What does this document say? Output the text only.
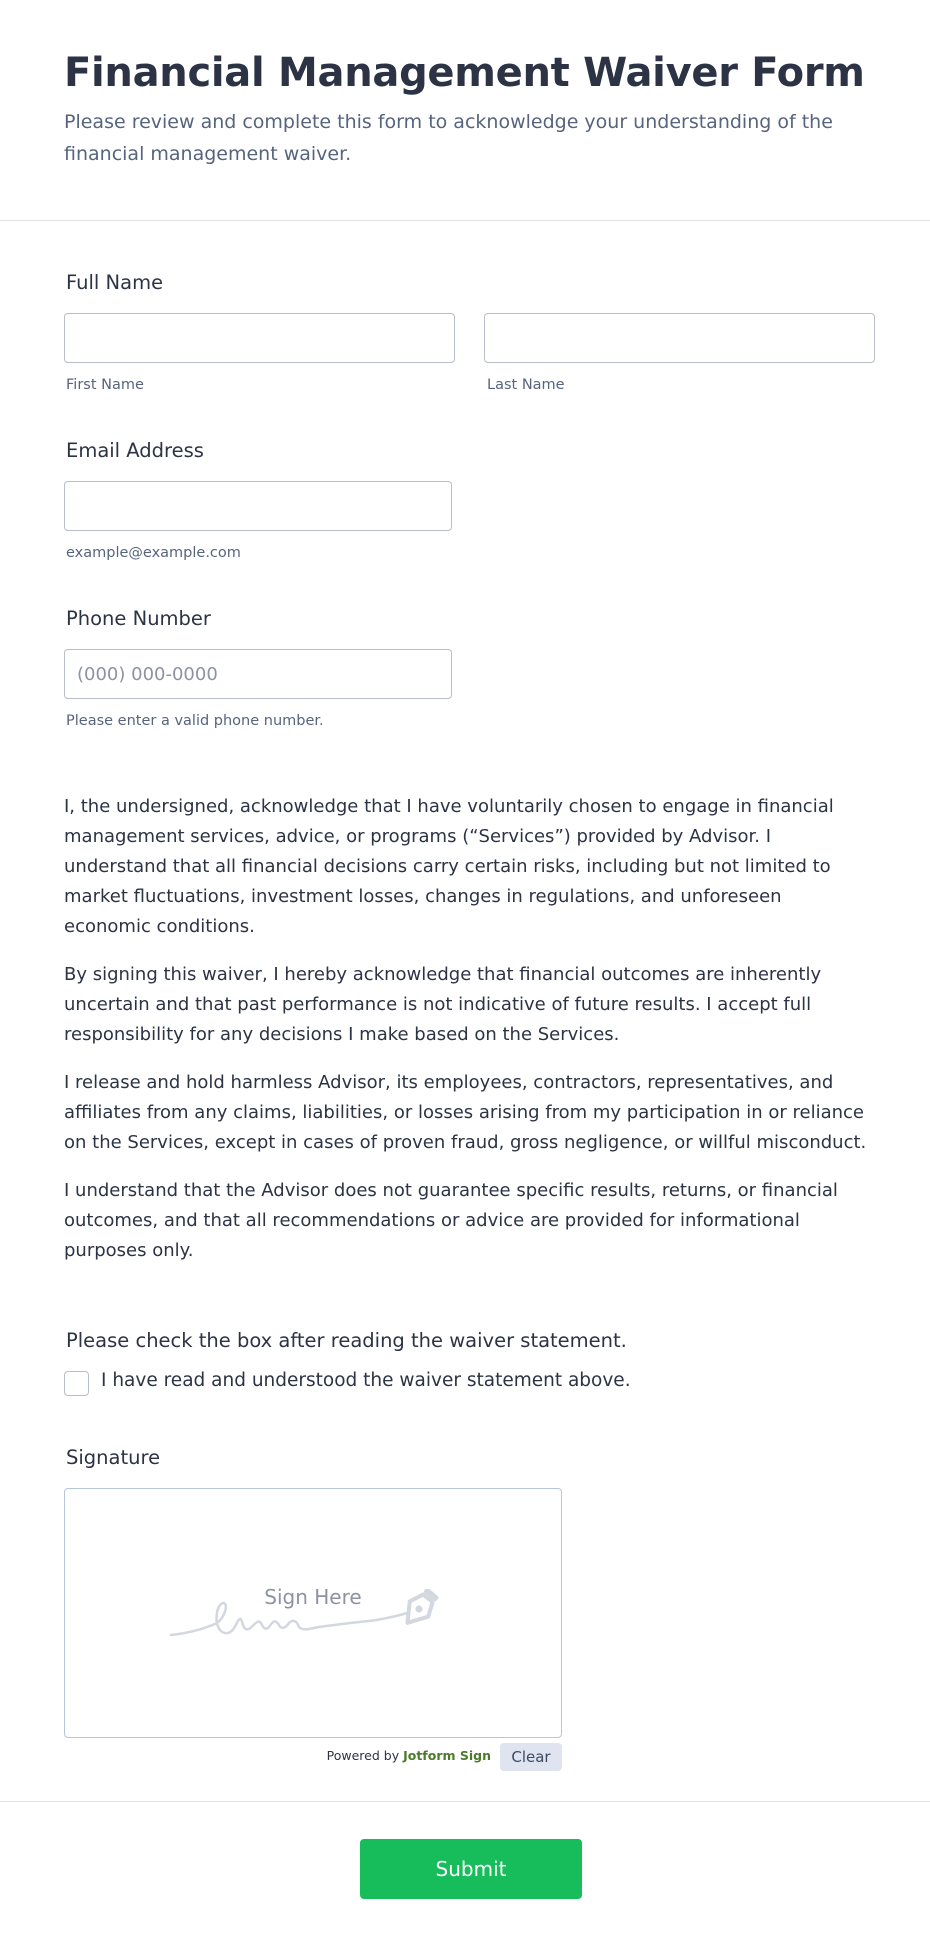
Financial Management Waiver Form

Please review and complete this form to acknowledge your understanding of the financial management waiver.

Full Name
First Name	Last Name
Email Address
example@example.com
Phone Number
(000) 000-0000
Please enter a valid phone number.

I, the undersigned, acknowledge that I have voluntarily chosen to engage in financial management services, advice, or programs (“Services”) provided by Advisor. I understand that all financial decisions carry certain risks, including but not limited to market fluctuations, investment losses, changes in regulations, and unforeseen economic conditions.

By signing this waiver, I hereby acknowledge that financial outcomes are inherently uncertain and that past performance is not indicative of future results. I accept full responsibility for any decisions I make based on the Services.

I release and hold harmless Advisor, its employees, contractors, representatives, and affiliates from any claims, liabilities, or losses arising from my participation in or reliance on the Services, except in cases of proven fraud, gross negligence, or willful misconduct.

I understand that the Advisor does not guarantee specific results, returns, or financial outcomes, and that all recommendations or advice are provided for informational purposes only.

Please check the box after reading the waiver statement.
I have read and understood the waiver statement above.
Signature
Sign Here
Powered by Jotform Sign	Clear
Submit
